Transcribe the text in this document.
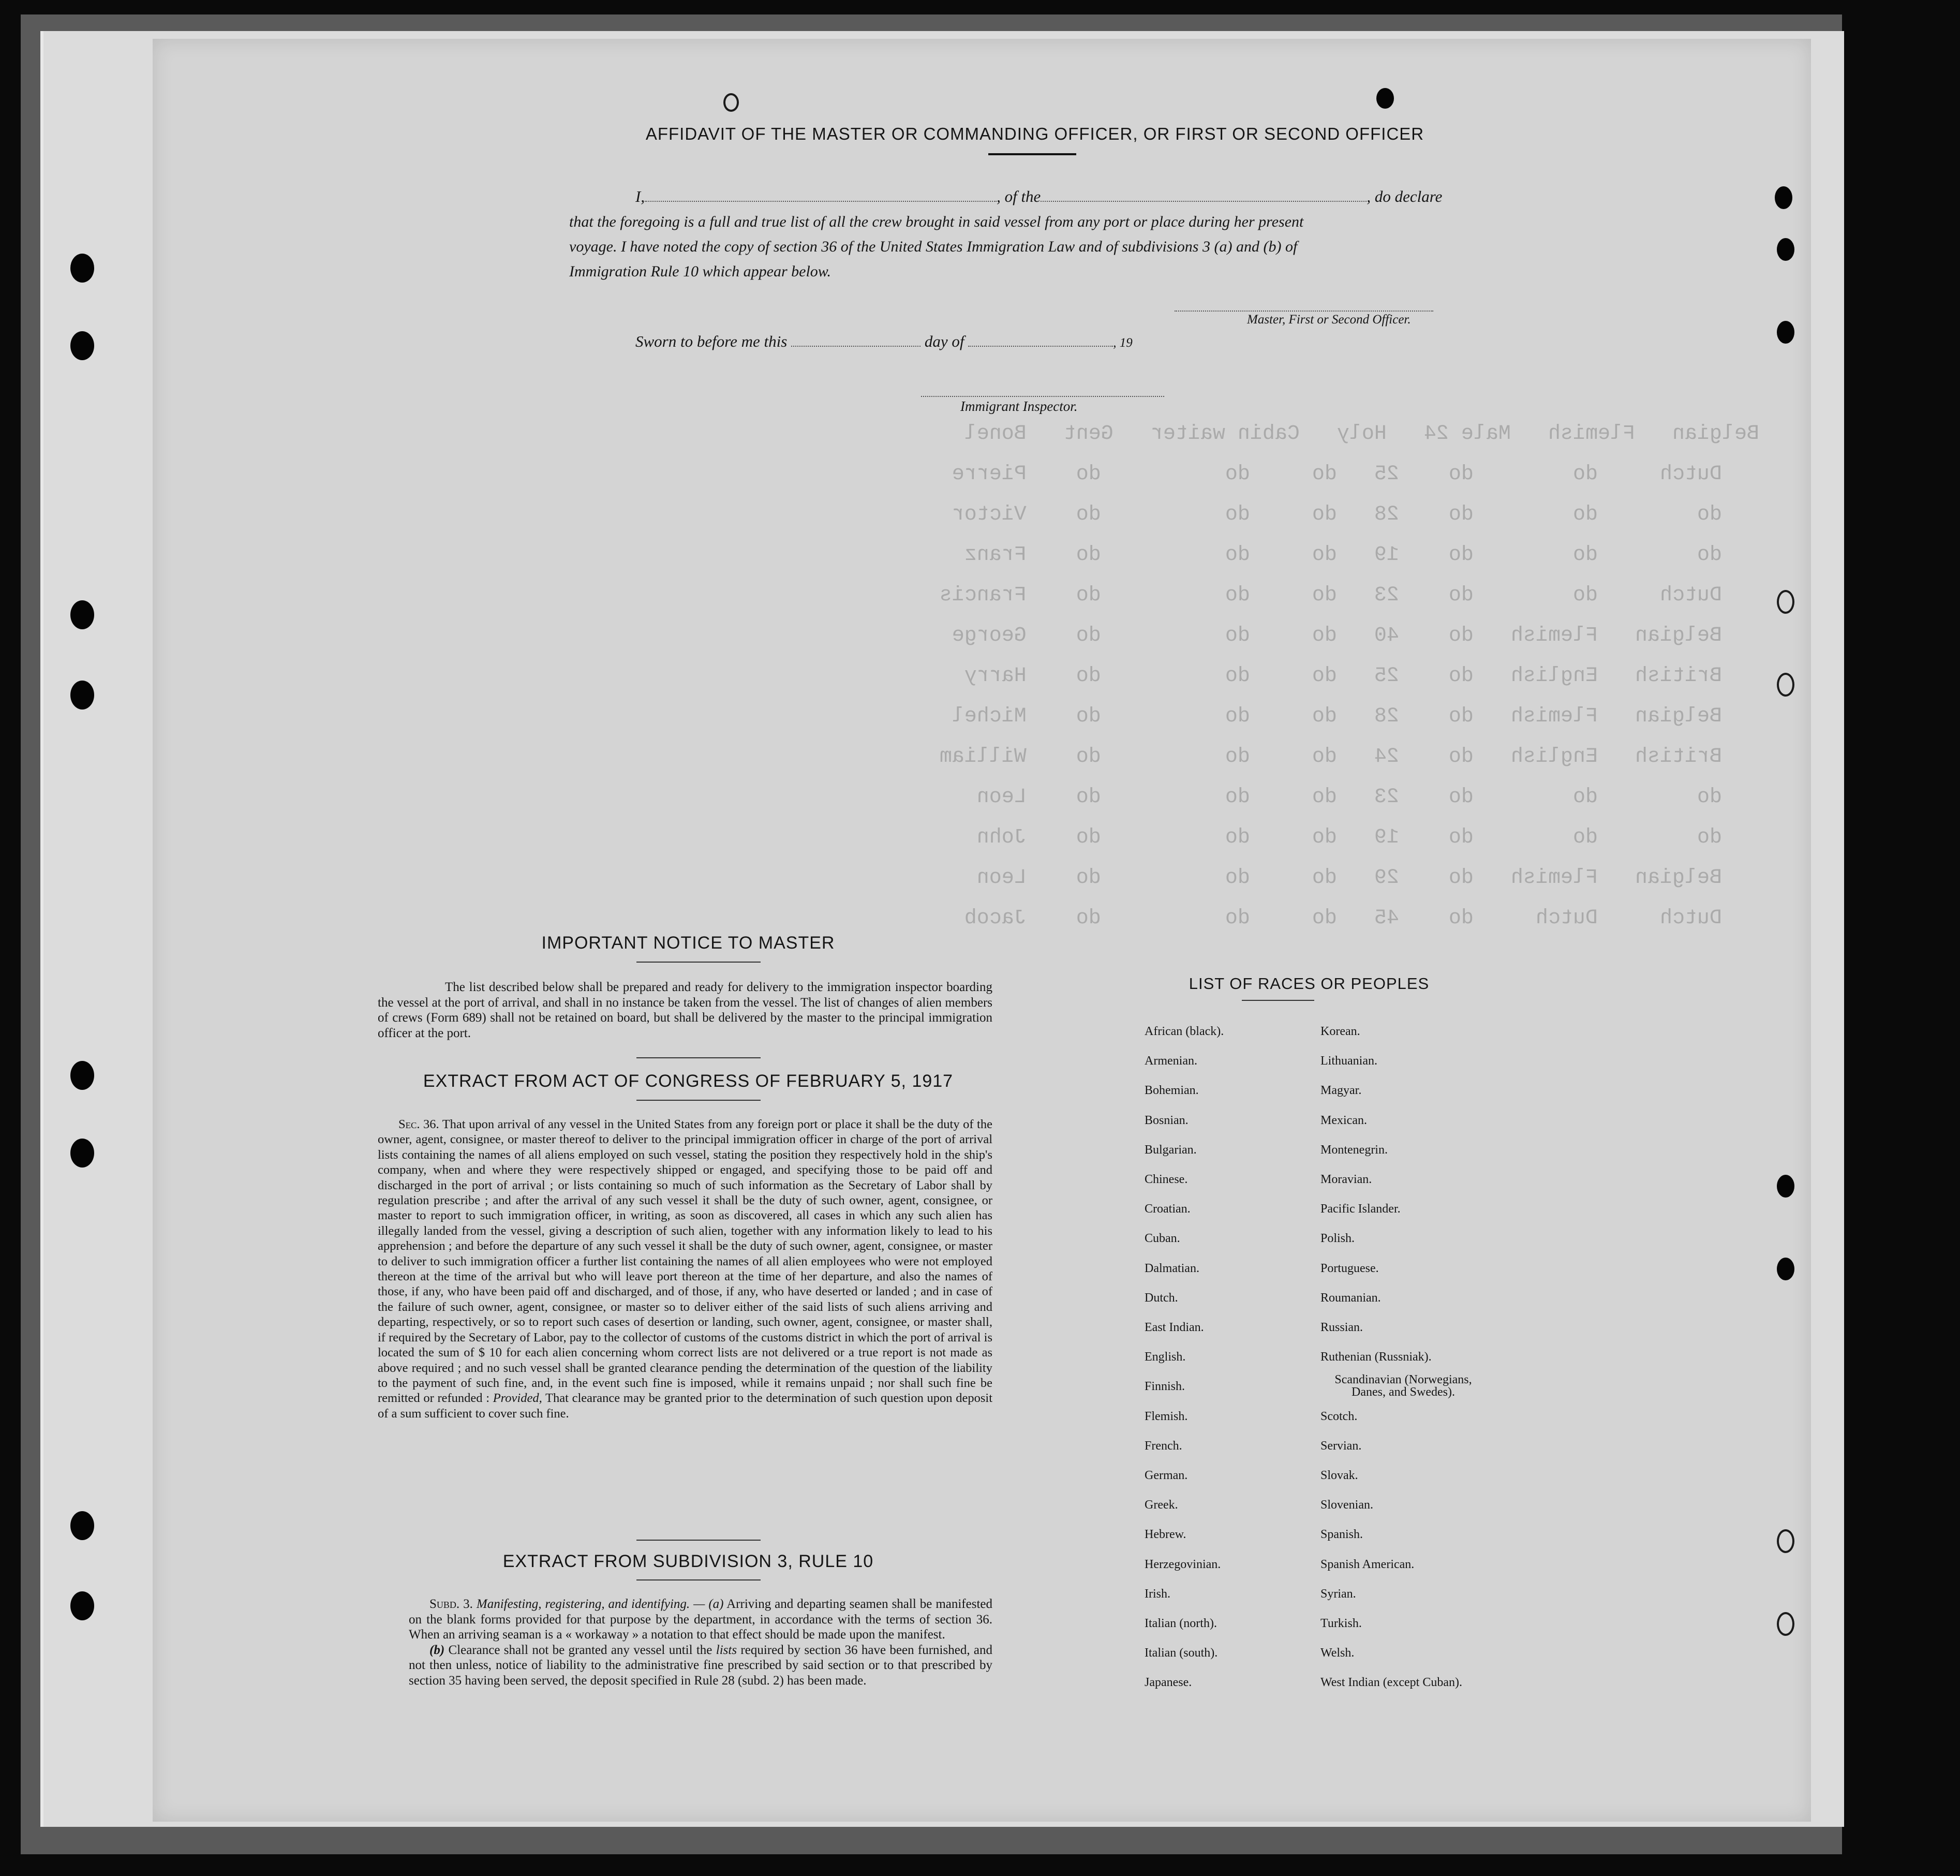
Belgian   Flemish   Male 24   Holy   Cabin waiter   Gent   Bonel
Dutch     do        do    25   do     do          do    Pierre
do        do        do    28   do     do          do    Victor
do        do        do    19   do     do          do    Franz
Dutch     do        do    23   do     do          do    Francis
Belgian   Flemish   do    40   do     do          do    George
British   English   do    25   do     do          do    Harry
Belgian   Flemish   do    28   do     do          do    Michel
British   English   do    24   do     do          do    William
do        do        do    23   do     do          do    Leon
do        do        do    19   do     do          do    John
Belgian   Flemish   do    29   do     do          do    Leon
Dutch     Dutch     do    45   do     do          do    Jacob
AFFIDAVIT OF THE MASTER OR COMMANDING OFFICER, OR FIRST OR SECOND OFFICER
I,	, of the	, do declare
that the foregoing is a full and true list of all the crew brought in said vessel from any port or place during her present
voyage. I have noted the copy of section 36 of the United States Immigration Law and of subdivisions 3 (a) and (b) of
Immigration Rule 10 which appear below.
Master, First or Second Officer.
Sworn to before me this	day of	, 19
Immigrant Inspector.
IMPORTANT NOTICE TO MASTER

The list described below shall be prepared and ready for delivery to the immigration inspector boarding the vessel at the port of arrival, and shall in no instance be taken from the vessel. The list of changes of alien members of crews (Form 689) shall not be retained on board, but shall be delivered by the master to the principal immigration officer at the port.

EXTRACT FROM ACT OF CONGRESS OF FEBRUARY 5, 1917

Sec. 36. That upon arrival of any vessel in the United States from any foreign port or place it shall be the duty of the owner, agent, consignee, or master thereof to deliver to the principal immigration officer in charge of the port of arrival lists containing the names of all aliens employed on such vessel, stating the position they respectively hold in the ship's company, when and where they were respectively shipped or engaged, and specifying those to be paid off and discharged in the port of arrival ; or lists containing so much of such information as the Secretary of Labor shall by regulation prescribe ; and after the arrival of any such vessel it shall be the duty of such owner, agent, consignee, or master to report to such immigration officer, in writing, as soon as discovered, all cases in which any such alien has illegally landed from the vessel, giving a description of such alien, together with any information likely to lead to his apprehension ; and before the departure of any such vessel it shall be the duty of such owner, agent, consignee, or master to deliver to such immigration officer a further list containing the names of all alien employees who were not employed thereon at the time of the arrival but who will leave port thereon at the time of her departure, and also the names of those, if any, who have been paid off and discharged, and of those, if any, who have deserted or landed ; and in case of the failure of such owner, agent, consignee, or master so to deliver either of the said lists of such aliens arriving and departing, respectively, or so to report such cases of desertion or landing, such owner, agent, consignee, or master shall, if required by the Secretary of Labor, pay to the collector of customs of the customs district in which the port of arrival is located the sum of $ 10 for each alien concerning whom correct lists are not delivered or a true report is not made as above required ; and no such vessel shall be granted clearance pending the determination of the question of the liability to the payment of such fine, and, in the event such fine is imposed, while it remains unpaid ; nor shall such fine be remitted or refunded : Provided, That clearance may be granted prior to the determination of such question upon deposit of a sum sufficient to cover such fine.

EXTRACT FROM SUBDIVISION 3, RULE 10

Subd. 3. Manifesting, registering, and identifying. — (a) Arriving and departing seamen shall be manifested on the blank forms provided for that purpose by the department, in accordance with the terms of section 36. When an arriving seaman is a « workaway » a notation to that effect should be made upon the manifest.

(b) Clearance shall not be granted any vessel until the lists required by section 36 have been furnished, and not then unless, notice of liability to the administrative fine prescribed by said section or to that prescribed by section 35 having been served, the deposit specified in Rule 28 (subd. 2) has been made.

LIST OF RACES OR PEOPLES
African (black).	Korean.
Armenian.	Lithuanian.
Bohemian.	Magyar.
Bosnian.	Mexican.
Bulgarian.	Montenegrin.
Chinese.	Moravian.
Croatian.	Pacific Islander.
Cuban.	Polish.
Dalmatian.	Portuguese.
Dutch.	Roumanian.
East Indian.	Russian.
English.	Ruthenian (Russniak).
Finnish.	Scandinavian (Norwegians, Danes, and Swedes).
Flemish.	Scotch.
French.	Servian.
German.	Slovak.
Greek.	Slovenian.
Hebrew.	Spanish.
Herzegovinian.	Spanish American.
Irish.	Syrian.
Italian (north).	Turkish.
Italian (south).	Welsh.
Japanese.	West Indian (except Cuban).
